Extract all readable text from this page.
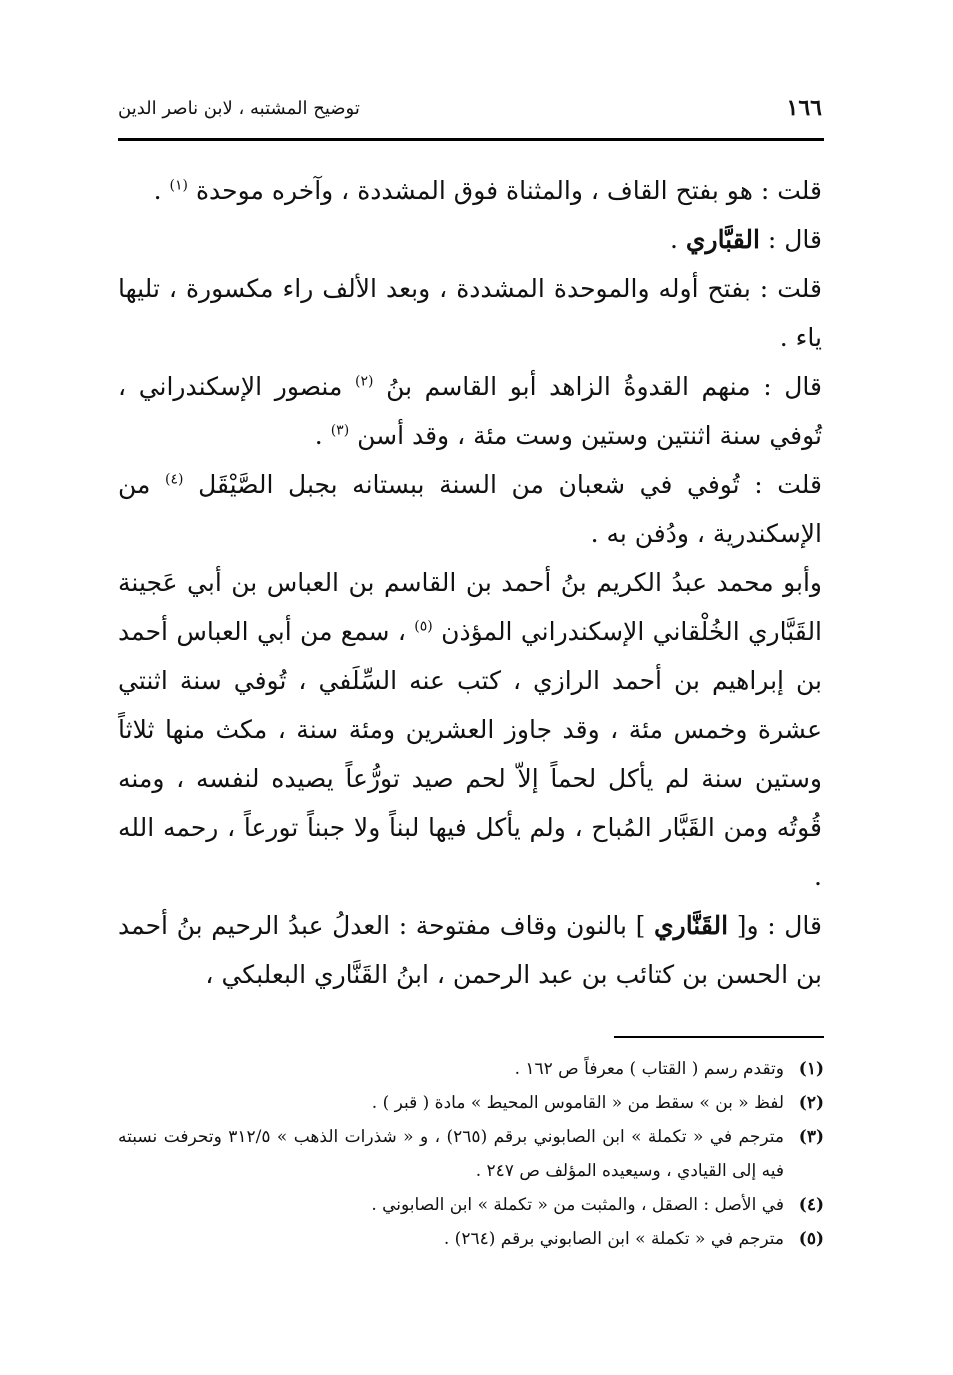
١٦٦
توضيح المشتبه ، لابن ناصر الدين

قلت : هو بفتح القاف ، والمثناة فوق المشددة ، وآخره موحدة $^{(١)}$ .

قال : القبَّاري .

قلت : بفتح أوله والموحدة المشددة ، وبعد الألف راء مكسورة ، تليها ياء .

قال : منهم القدوةُ الزاهد أبو القاسم بنُ $^{(٢)}$ منصور الإسكندراني ، تُوفي سنة اثنتين وستين وست مئة ، وقد أسن $^{(٣)}$ .

قلت : تُوفي في شعبان من السنة ببستانه بجبل الصَّيْقَل $^{(٤)}$ من الإسكندرية ، ودُفن به .

وأبو محمد عبدُ الكريم بنُ أحمد بن القاسم بن العباس بن أبي عَجينة القَبَّاري الخُلْقاني الإسكندراني المؤذن $^{(٥)}$ ، سمع من أبي العباس أحمد بن إبراهيم بن أحمد الرازي ، كتب عنه السِّلَفي ، تُوفي سنة اثنتي عشرة وخمس مئة ، وقد جاوز العشرين ومئة سنة ، مكث منها ثلاثاً وستين سنة لم يأكل لحماً إلاّ لحم صيد تورُّعاً يصيده لنفسه ، ومنه قُوتُه ومن القَبَّار المُباح ، ولم يأكل فيها لبناً ولا جبناً تورعاً ، رحمه الله .

قال : و[ القَنَّاري ] بالنون وقاف مفتوحة : العدلُ عبدُ الرحيم بنُ أحمد بن الحسن بن كتائب بن عبد الرحمن ، ابنُ القَنَّاري البعلبكي ،

(١)
وتقدم رسم ( القتاب ) معرفاً ص ١٦٢ .

(٢)
لفظ « بن » سقط من « القاموس المحيط » مادة ( قبر ) .

(٣)
مترجم في « تكملة » ابن الصابوني برقم (٢٦٥) ، و « شذرات الذهب » ٣١٢/٥ وتحرفت نسبته فيه إلى القيادي ، وسيعيده المؤلف ص ٢٤٧ .

(٤)
في الأصل : الصقل ، والمثبت من « تكملة » ابن الصابوني .

(٥)
مترجم في « تكملة » ابن الصابوني برقم (٢٦٤) .
